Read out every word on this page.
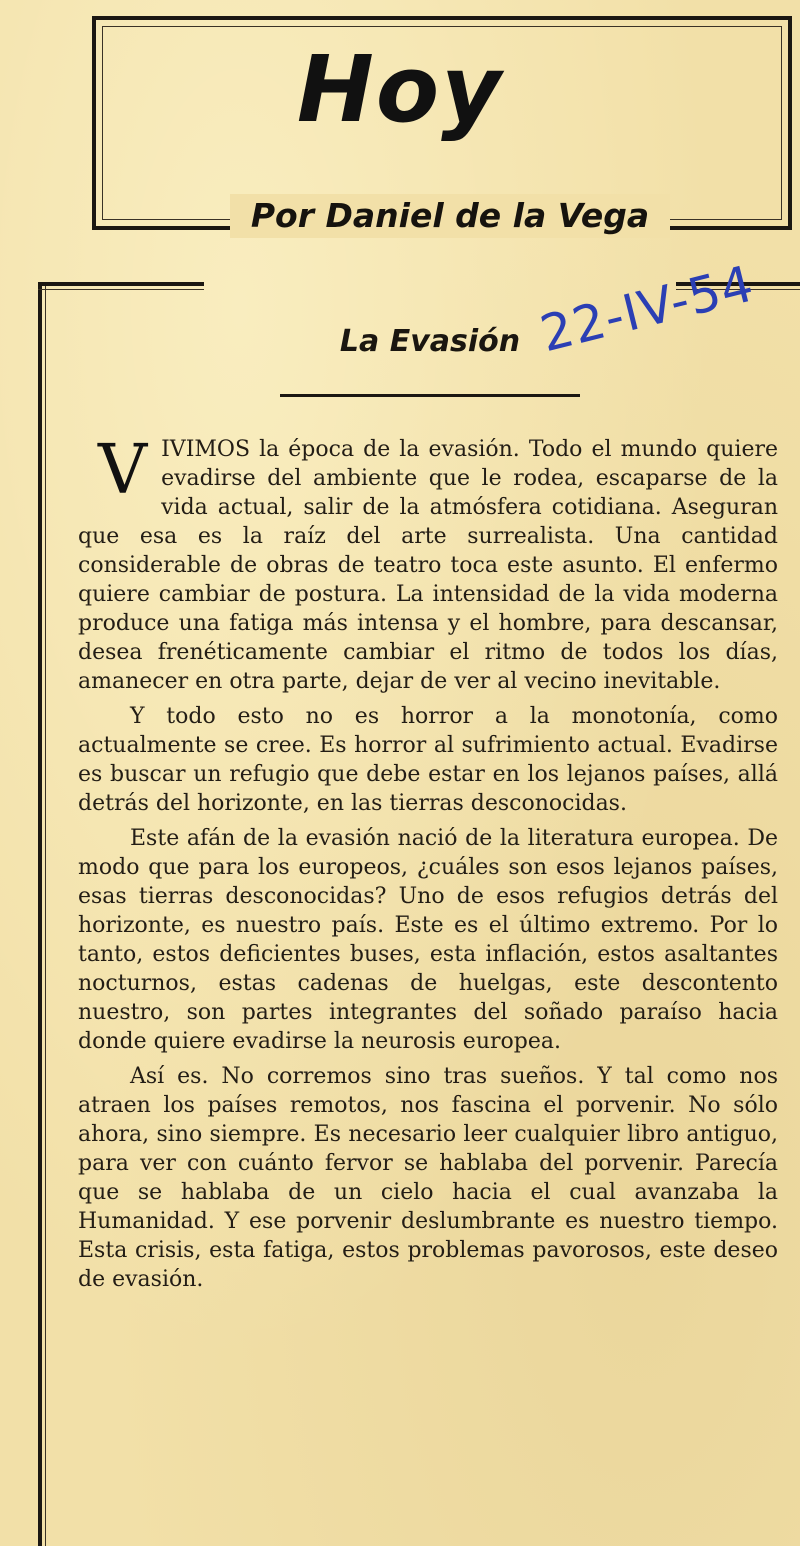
Hoy
Por Daniel de la Vega
La Evasión 22-IV-54

VIVIMOS la época de la evasión. Todo el mundo quiere evadirse del ambiente que le rodea, escaparse de la vida actual, salir de la atmósfera cotidiana. Aseguran que esa es la raíz del arte surrealista. Una cantidad considerable de obras de teatro toca este asunto. El enfermo quiere cambiar de postura. La intensidad de la vida moderna produce una fatiga más intensa y el hombre, para descansar, desea frenéticamente cambiar el ritmo de todos los días, amanecer en otra parte, dejar de ver al vecino inevitable.

Y todo esto no es horror a la monotonía, como actualmente se cree. Es horror al sufrimiento actual. Evadirse es buscar un refugio que debe estar en los lejanos países, allá detrás del horizonte, en las tierras desconocidas.

Este afán de la evasión nació de la literatura europea. De modo que para los europeos, ¿cuáles son esos lejanos países, esas tierras desconocidas? Uno de esos refugios detrás del horizonte, es nuestro país. Este es el último extremo. Por lo tanto, estos deficientes buses, esta inflación, estos asaltantes nocturnos, estas cadenas de huelgas, este descontento nuestro, son partes integrantes del soñado paraíso hacia donde quiere evadirse la neurosis europea.

Así es. No corremos sino tras sueños. Y tal como nos atraen los países remotos, nos fascina el porvenir. No sólo ahora, sino siempre. Es necesario leer cualquier libro antiguo, para ver con cuánto fervor se hablaba del porvenir. Parecía que se hablaba de un cielo hacia el cual avanzaba la Humanidad. Y ese porvenir deslumbrante es nuestro tiempo. Esta crisis, esta fatiga, estos problemas pavorosos, este deseo de evasión.
